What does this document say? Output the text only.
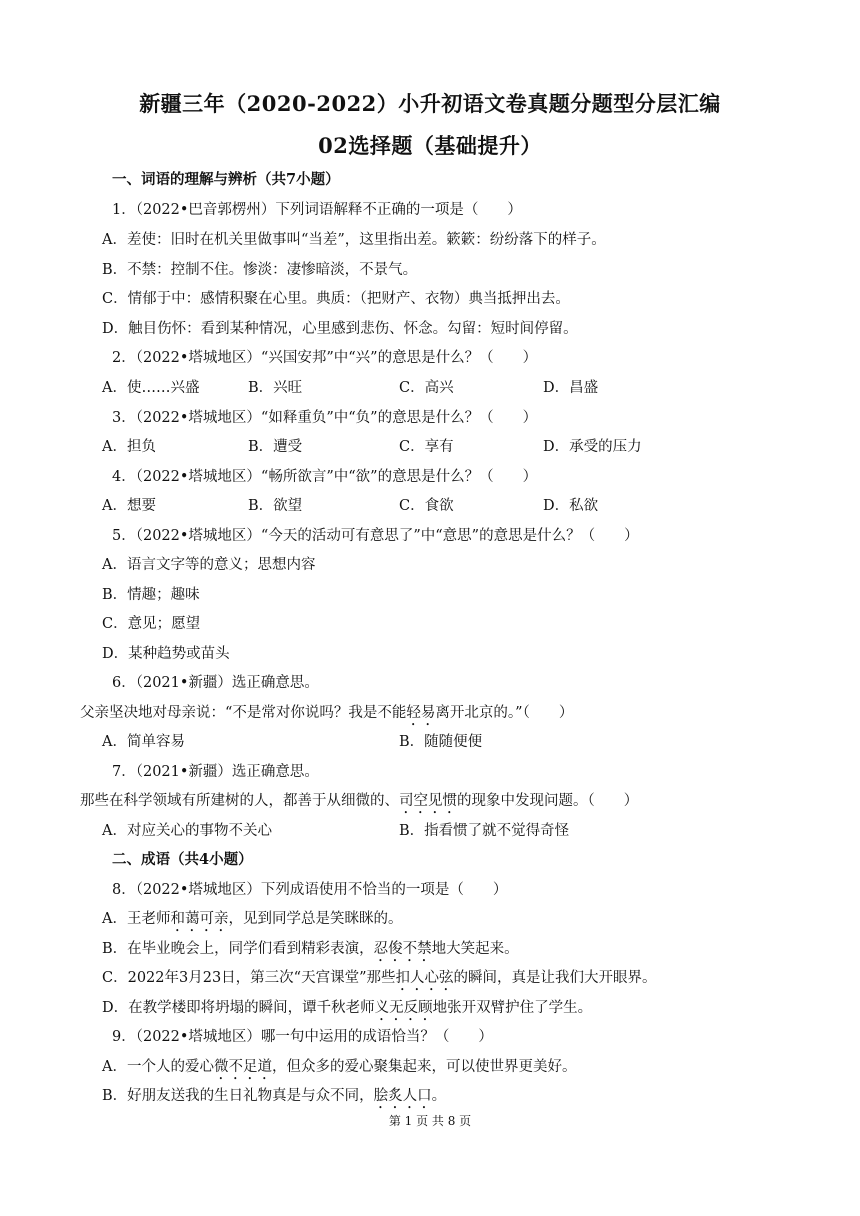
新疆三年（2020-2022）小升初语文卷真题分题型分层汇编
02选择题（基础提升）
一、词语的理解与辨析（共7小题）
1．（2022•巴音郭楞州）下列词语解释不正确的一项是（　　）
A．差使：旧时在机关里做事叫“当差”，这里指出差。簌簌：纷纷落下的样子。
B．不禁：控制不住。惨淡：凄惨暗淡，不景气。
C．情郁于中：感情积聚在心里。典质：（把财产、衣物）典当抵押出去。
D．触目伤怀：看到某种情况，心里感到悲伤、怀念。勾留：短时间停留。
2．（2022•塔城地区）“兴国安邦”中“兴”的意思是什么？（　　）
A．使……兴盛	B．兴旺	C．高兴	D．昌盛
3．（2022•塔城地区）“如释重负”中“负”的意思是什么？（　　）
A．担负	B．遭受	C．享有	D．承受的压力
4．（2022•塔城地区）“畅所欲言”中“欲”的意思是什么？（　　）
A．想要	B．欲望	C．食欲	D．私欲
5．（2022•塔城地区）“今天的活动可有意思了”中“意思”的意思是什么？（　　）
A．语言文字等的意义；思想内容
B．情趣；趣味
C．意见；愿望
D．某种趋势或苗头
6．（2021•新疆）选正确意思。
父亲坚决地对母亲说：“不是常对你说吗？我是不能轻易离开北京的。”（　　）
A．简单容易	B．随随便便
7．（2021•新疆）选正确意思。
那些在科学领域有所建树的人，都善于从细微的、司空见惯的现象中发现问题。（　　）
A．对应关心的事物不关心	B．指看惯了就不觉得奇怪
二、成语（共4小题）
8．（2022•塔城地区）下列成语使用不恰当的一项是（　　）
A．王老师和蔼可亲，见到同学总是笑眯眯的。
B．在毕业晚会上，同学们看到精彩表演，忍俊不禁地大笑起来。
C．2022年3月23日，第三次“天宫课堂”那些扣人心弦的瞬间，真是让我们大开眼界。
D．在教学楼即将坍塌的瞬间，谭千秋老师义无反顾地张开双臂护住了学生。
9．（2022•塔城地区）哪一句中运用的成语恰当？（　　）
A．一个人的爱心微不足道，但众多的爱心聚集起来，可以使世界更美好。
B．好朋友送我的生日礼物真是与众不同，脍炙人口。
第 1 页 共 8 页
